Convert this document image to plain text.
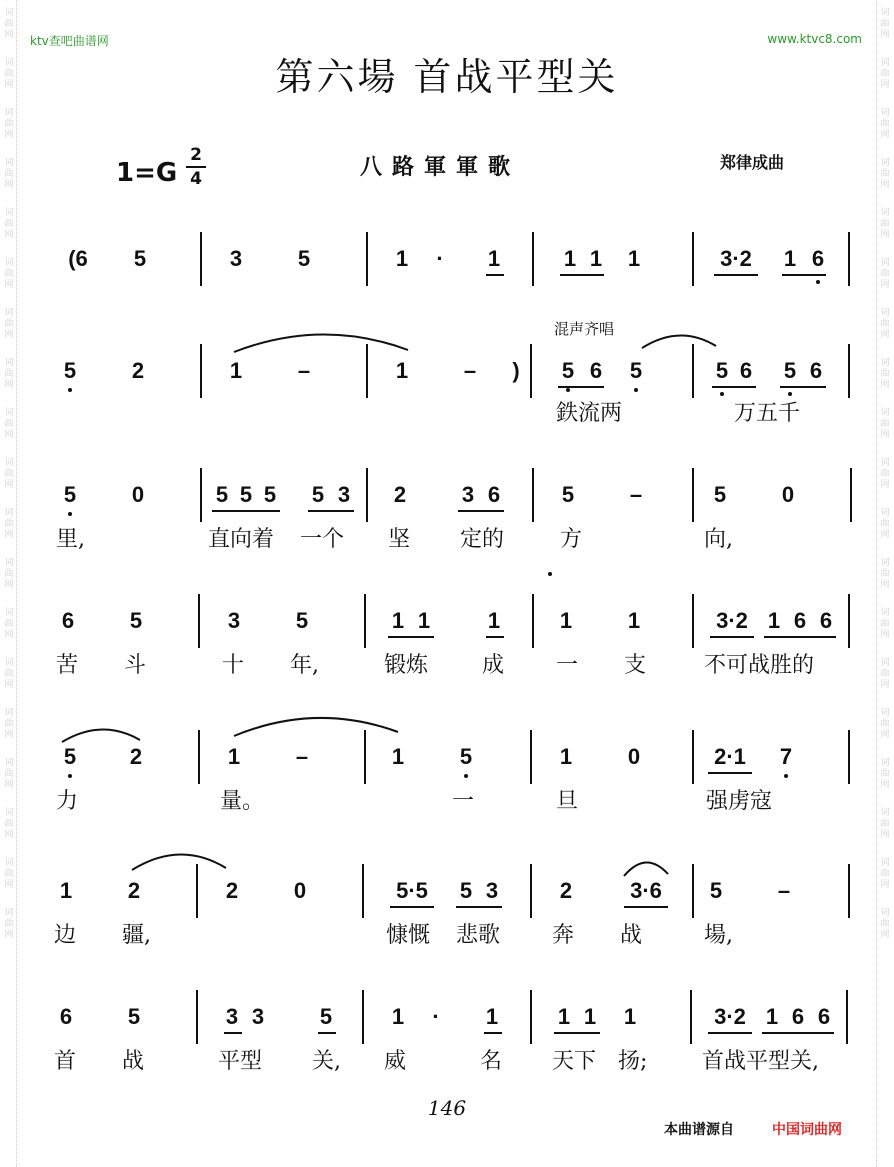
词曲网
词曲网
词曲网
词曲网
词曲网
词曲网
词曲网
词曲网
词曲网
词曲网
词曲网
词曲网
词曲网
词曲网
词曲网
词曲网
词曲网
词曲网
词曲网
词曲网
词曲网
词曲网
词曲网
词曲网
词曲网
词曲网
词曲网
词曲网
词曲网
词曲网
词曲网
词曲网
词曲网
词曲网
词曲网
词曲网
词曲网
词曲网
ktv查吧曲谱网	www.ktvc8.com
第六場 首战平型关
1=G
2
4	八路軍軍歌	郑律成曲
(6 5	3	5	1	·	1	1 1 1	3·2 1 6
混声齐唱
5	2	1	–	1	–	)	5 6 5	5 6 5 6
鉄流两	万五千
5	0	5 5 5 5 3 2	3 6	5	–	5	0
里,	直向着 一个 坚 定的	方	向,
6	5	3	5	1 1	1	1	1	3·2 1 6 6
苦 斗	十 年,	锻炼 成 一 支	不可战胜的
5 2	1	–	1	5	1	0	2·1 7
力	量。	一	旦	强虏寇
1	2	2	0	5·5 5 3	2	3·6 5	–
边 疆,	慷慨 悲歌 奔 战	場,
6	5	3 3	5	1	·	1	1 1 1	3·2 1 6 6
首 战	平型 关, 威	名 天下 扬; 首战平型关,
146
本曲谱源自	中国词曲网
